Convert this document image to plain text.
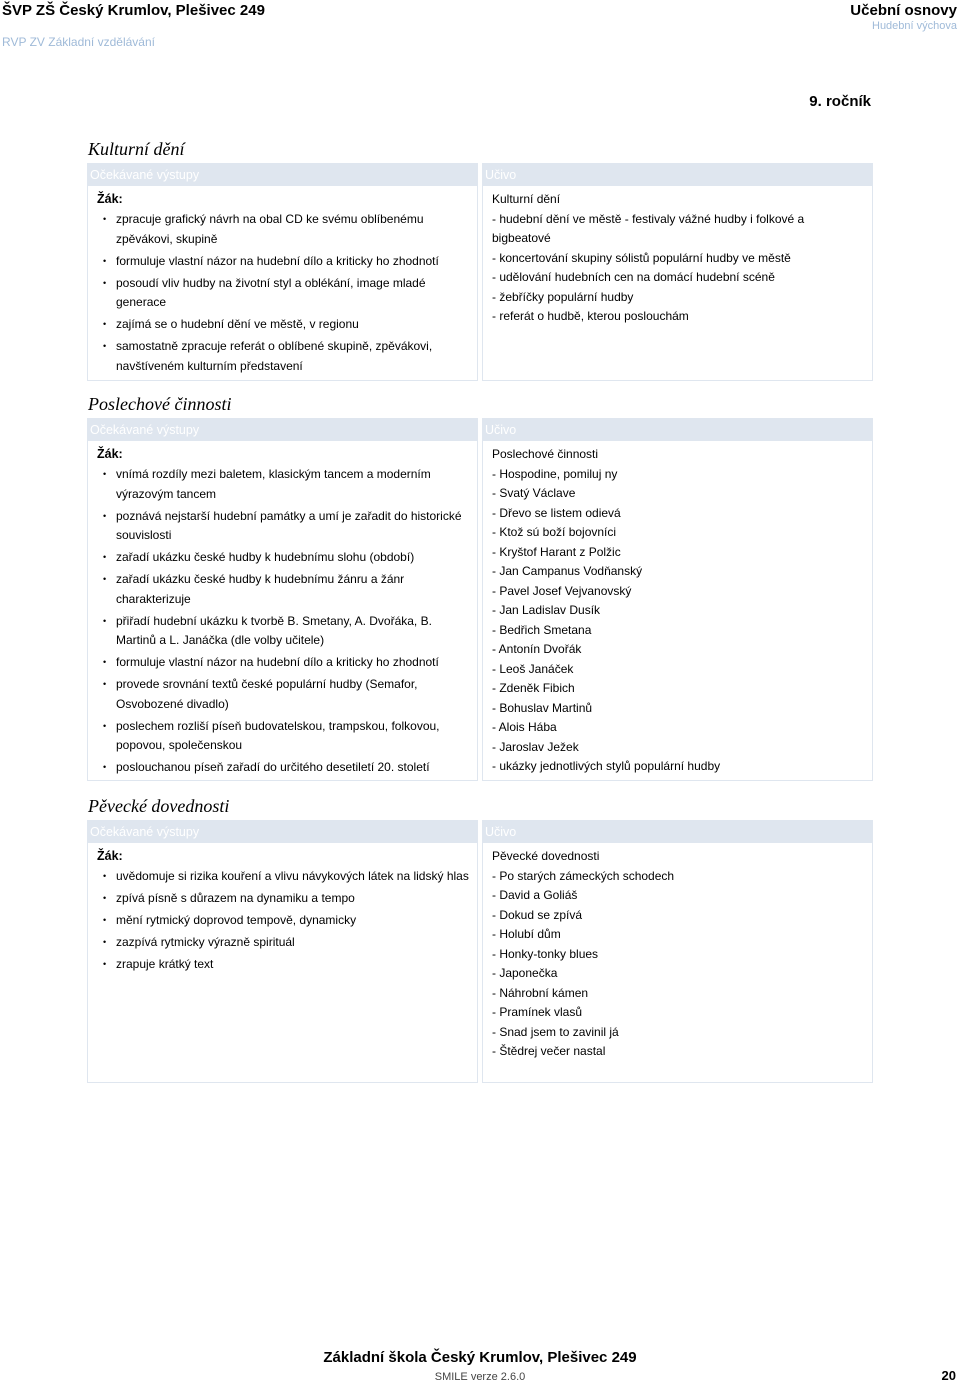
ŠVP ZŠ Český Krumlov, Plešivec 249
RVP ZV Základní vzdělávání
Učební osnovy
Hudební výchova
9. ročník
Kulturní dění
Očekávané výstupy
Žák:
• zpracuje grafický návrh na obal CD ke svému oblíbenému zpěvákovi, skupině
• formuluje vlastní názor na hudební dílo a kriticky ho zhodnotí
• posoudí vliv hudby na životní styl a oblékání, image mladé generace
• zajímá se o hudební dění ve městě, v regionu
• samostatně zpracuje referát o oblíbené skupině, zpěvákovi, navštíveném kulturním představení
Učivo
Kulturní dění
- hudební dění ve městě - festivaly vážné hudby i folkové a bigbeatové
- koncertování skupiny sólistů populární hudby ve městě
- udělování hudebních cen na domácí hudební scéně
- žebříčky populární hudby
- referát o hudbě, kterou poslouchám
Poslechové činnosti
Očekávané výstupy
Žák:
• vnímá rozdíly mezi baletem, klasickým tancem a moderním výrazovým tancem
• poznává nejstarší hudební památky a umí je zařadit do historické souvislosti
• zařadí ukázku české hudby k hudebnímu slohu (období)
• zařadí ukázku české hudby k hudebnímu žánru a žánr charakterizuje
• přiřadí hudební ukázku k tvorbě B. Smetany, A. Dvořáka, B. Martinů a L. Janáčka (dle volby učitele)
• formuluje vlastní názor na hudební dílo a kriticky ho zhodnotí
• provede srovnání textů české populární hudby (Semafor, Osvobozené divadlo)
• poslechem rozliší píseň budovatelskou, trampskou, folkovou, popovou, společenskou
• poslouchanou píseň zařadí do určitého desetiletí 20. století
Učivo
Poslechové činnosti
- Hospodine, pomiluj ny
- Svatý Václave
- Dřevo se listem odievá
- Ktož sú boží bojovníci
- Kryštof Harant z Polžic
- Jan Campanus Vodňanský
- Pavel Josef Vejvanovský
- Jan Ladislav Dusík
- Bedřich Smetana
- Antonín Dvořák
- Leoš Janáček
- Zdeněk Fibich
- Bohuslav Martinů
- Alois Hába
- Jaroslav Ježek
- ukázky jednotlivých stylů populární hudby
Pěvecké dovednosti
Očekávané výstupy
Žák:
• uvědomuje si rizika kouření a vlivu návykových látek na lidský hlas
• zpívá písně s důrazem na dynamiku a tempo
• mění rytmický doprovod tempově, dynamicky
• zazpívá rytmicky výrazně spirituál
• zrapuje krátký text
Učivo
Pěvecké dovednosti
- Po starých zámeckých schodech
- David a Goliáš
- Dokud se zpívá
- Holubí dům
- Honky-tonky blues
- Japonečka
- Náhrobní kámen
- Pramínek vlasů
- Snad jsem to zavinil já
- Štědrej večer nastal
Základní škola Český Krumlov, Plešivec 249
SMILE verze 2.6.0	20
